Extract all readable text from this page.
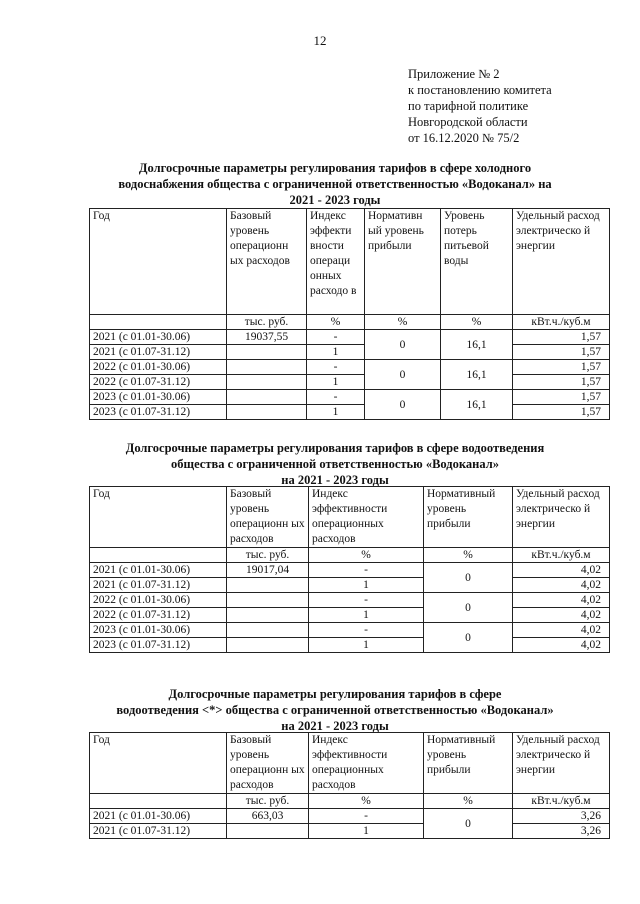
12
Приложение № 2
к постановлению комитета
по тарифной политике
Новгородской области
от 16.12.2020 № 75/2
Долгосрочные параметры регулирования тарифов в сфере холодного
водоснабжения общества с ограниченной ответственностью «Водоканал» на
2021 - 2023 годы
Год	Базовый уровень операционн ых расходов	Индекс эффекти вности операци онных расходо в	Нормативн ый уровень прибыли	Уровень потерь питьевой воды	Удельный расход электрическо й энергии
	тыс. руб.	%	%	%	кВт.ч./куб.м
2021 (с 01.01-30.06)	19037,55	-	0	16,1	1,57
2021 (с 01.07-31.12)		1			1,57
2022 (с 01.01-30.06)		-	0	16,1	1,57
2022 (с 01.07-31.12)		1			1,57
2023 (с 01.01-30.06)		-	0	16,1	1,57
2023 (с 01.07-31.12)		1			1,57
Долгосрочные параметры регулирования тарифов в сфере водоотведения
общества с ограниченной ответственностью «Водоканал»
на 2021 - 2023 годы
Год	Базовый уровень операционн ых расходов	Индекс эффективности операционных расходов	Нормативный уровень прибыли	Удельный расход электрическо й энергии
	тыс. руб.	%	%	кВт.ч./куб.м
2021 (с 01.01-30.06)	19017,04	-	0	4,02
2021 (с 01.07-31.12)		1		4,02
2022 (с 01.01-30.06)		-	0	4,02
2022 (с 01.07-31.12)		1		4,02
2023 (с 01.01-30.06)		-	0	4,02
2023 (с 01.07-31.12)		1		4,02
Долгосрочные параметры регулирования тарифов в сфере
водоотведения <*> общества с ограниченной ответственностью «Водоканал»
на 2021 - 2023 годы
Год	Базовый уровень операционн ых расходов	Индекс эффективности операционных расходов	Нормативный уровень прибыли	Удельный расход электрическо й энергии
	тыс. руб.	%	%	кВт.ч./куб.м
2021 (с 01.01-30.06)	663,03	-	0	3,26
2021 (с 01.07-31.12)		1		3,26
